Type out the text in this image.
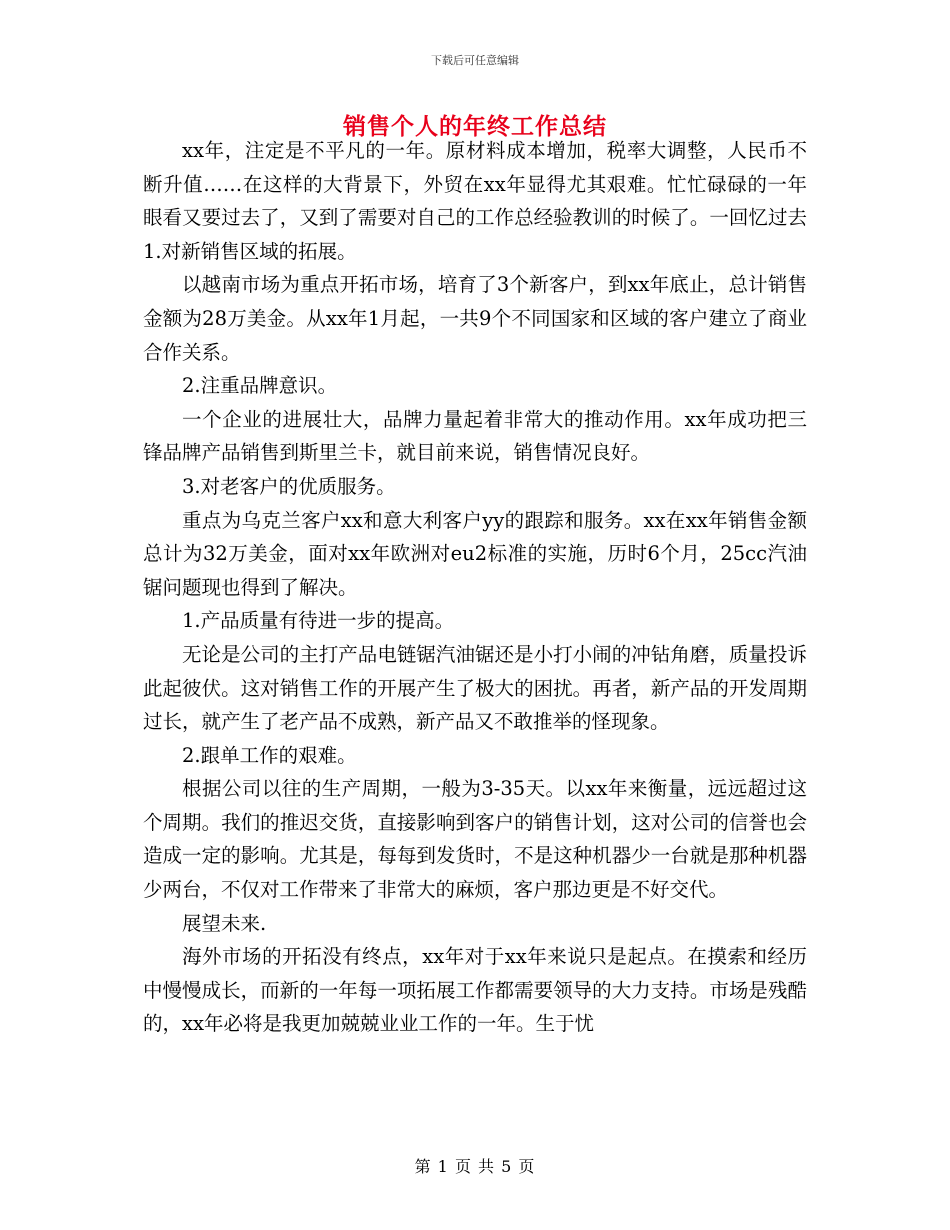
下载后可任意编辑
销售个人的年终工作总结

xx年，注定是不平凡的一年。原材料成本增加，税率大调整，人民币不断升值……在这样的大背景下，外贸在xx年显得尤其艰难。忙忙碌碌的一年眼看又要过去了，又到了需要对自己的工作总经验教训的时候了。一回忆过去1.对新销售区域的拓展。

以越南市场为重点开拓市场，培育了3个新客户，到xx年底止，总计销售金额为28万美金。从xx年1月起，一共9个不同国家和区域的客户建立了商业合作关系。

2.注重品牌意识。

一个企业的进展壮大，品牌力量起着非常大的推动作用。xx年成功把三锋品牌产品销售到斯里兰卡，就目前来说，销售情况良好。

3.对老客户的优质服务。

重点为乌克兰客户xx和意大利客户yy的跟踪和服务。xx在xx年销售金额总计为32万美金，面对xx年欧洲对eu2标准的实施，历时6个月，25cc汽油锯问题现也得到了解决。

1.产品质量有待进一步的提高。

无论是公司的主打产品电链锯汽油锯还是小打小闹的冲钻角磨，质量投诉此起彼伏。这对销售工作的开展产生了极大的困扰。再者，新产品的开发周期过长，就产生了老产品不成熟，新产品又不敢推举的怪现象。

2.跟单工作的艰难。

根据公司以往的生产周期，一般为3-35天。以xx年来衡量，远远超过这个周期。我们的推迟交货，直接影响到客户的销售计划，这对公司的信誉也会造成一定的影响。尤其是，每每到发货时，不是这种机器少一台就是那种机器少两台，不仅对工作带来了非常大的麻烦，客户那边更是不好交代。

展望未来.

海外市场的开拓没有终点，xx年对于xx年来说只是起点。在摸索和经历中慢慢成长，而新的一年每一项拓展工作都需要领导的大力支持。市场是残酷的，xx年必将是我更加兢兢业业工作的一年。生于忧

第 1 页 共 5 页
